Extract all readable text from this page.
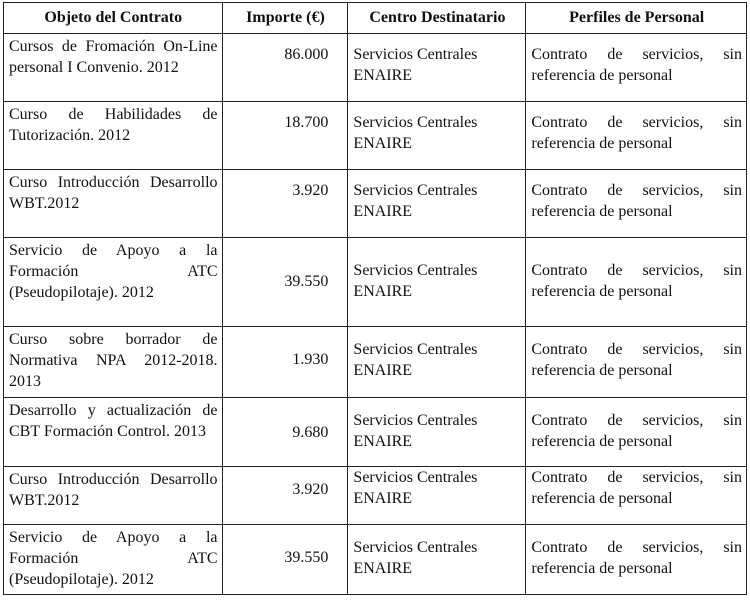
Objeto del Contrato	Importe (€)	Centro Destinatario	Perfiles de Personal
Cursos de Fromación On-Line personal I Convenio. 2012	86.000	Servicios Centrales ENAIRE	Contrato de servicios, sin referencia de personal
Curso de Habilidades de Tutorización. 2012	18.700	Servicios Centrales ENAIRE	Contrato de servicios, sin referencia de personal
Curso Introducción Desarrollo WBT.2012	3.920	Servicios Centrales ENAIRE	Contrato de servicios, sin referencia de personal
Servicio de Apoyo a la Formación ATC (Pseudopilotaje). 2012	39.550	Servicios Centrales ENAIRE	Contrato de servicios, sin referencia de personal
Curso sobre borrador de Normativa NPA 2012-2018. 2013	1.930	Servicios Centrales ENAIRE	Contrato de servicios, sin referencia de personal
Desarrollo y actualización de CBT Formación Control. 2013	9.680	Servicios Centrales ENAIRE	Contrato de servicios, sin referencia de personal
Curso Introducción Desarrollo WBT.2012	3.920	Servicios Centrales ENAIRE	Contrato de servicios, sin referencia de personal
Servicio de Apoyo a la Formación ATC (Pseudopilotaje). 2012	39.550	Servicios Centrales ENAIRE	Contrato de servicios, sin referencia de personal
